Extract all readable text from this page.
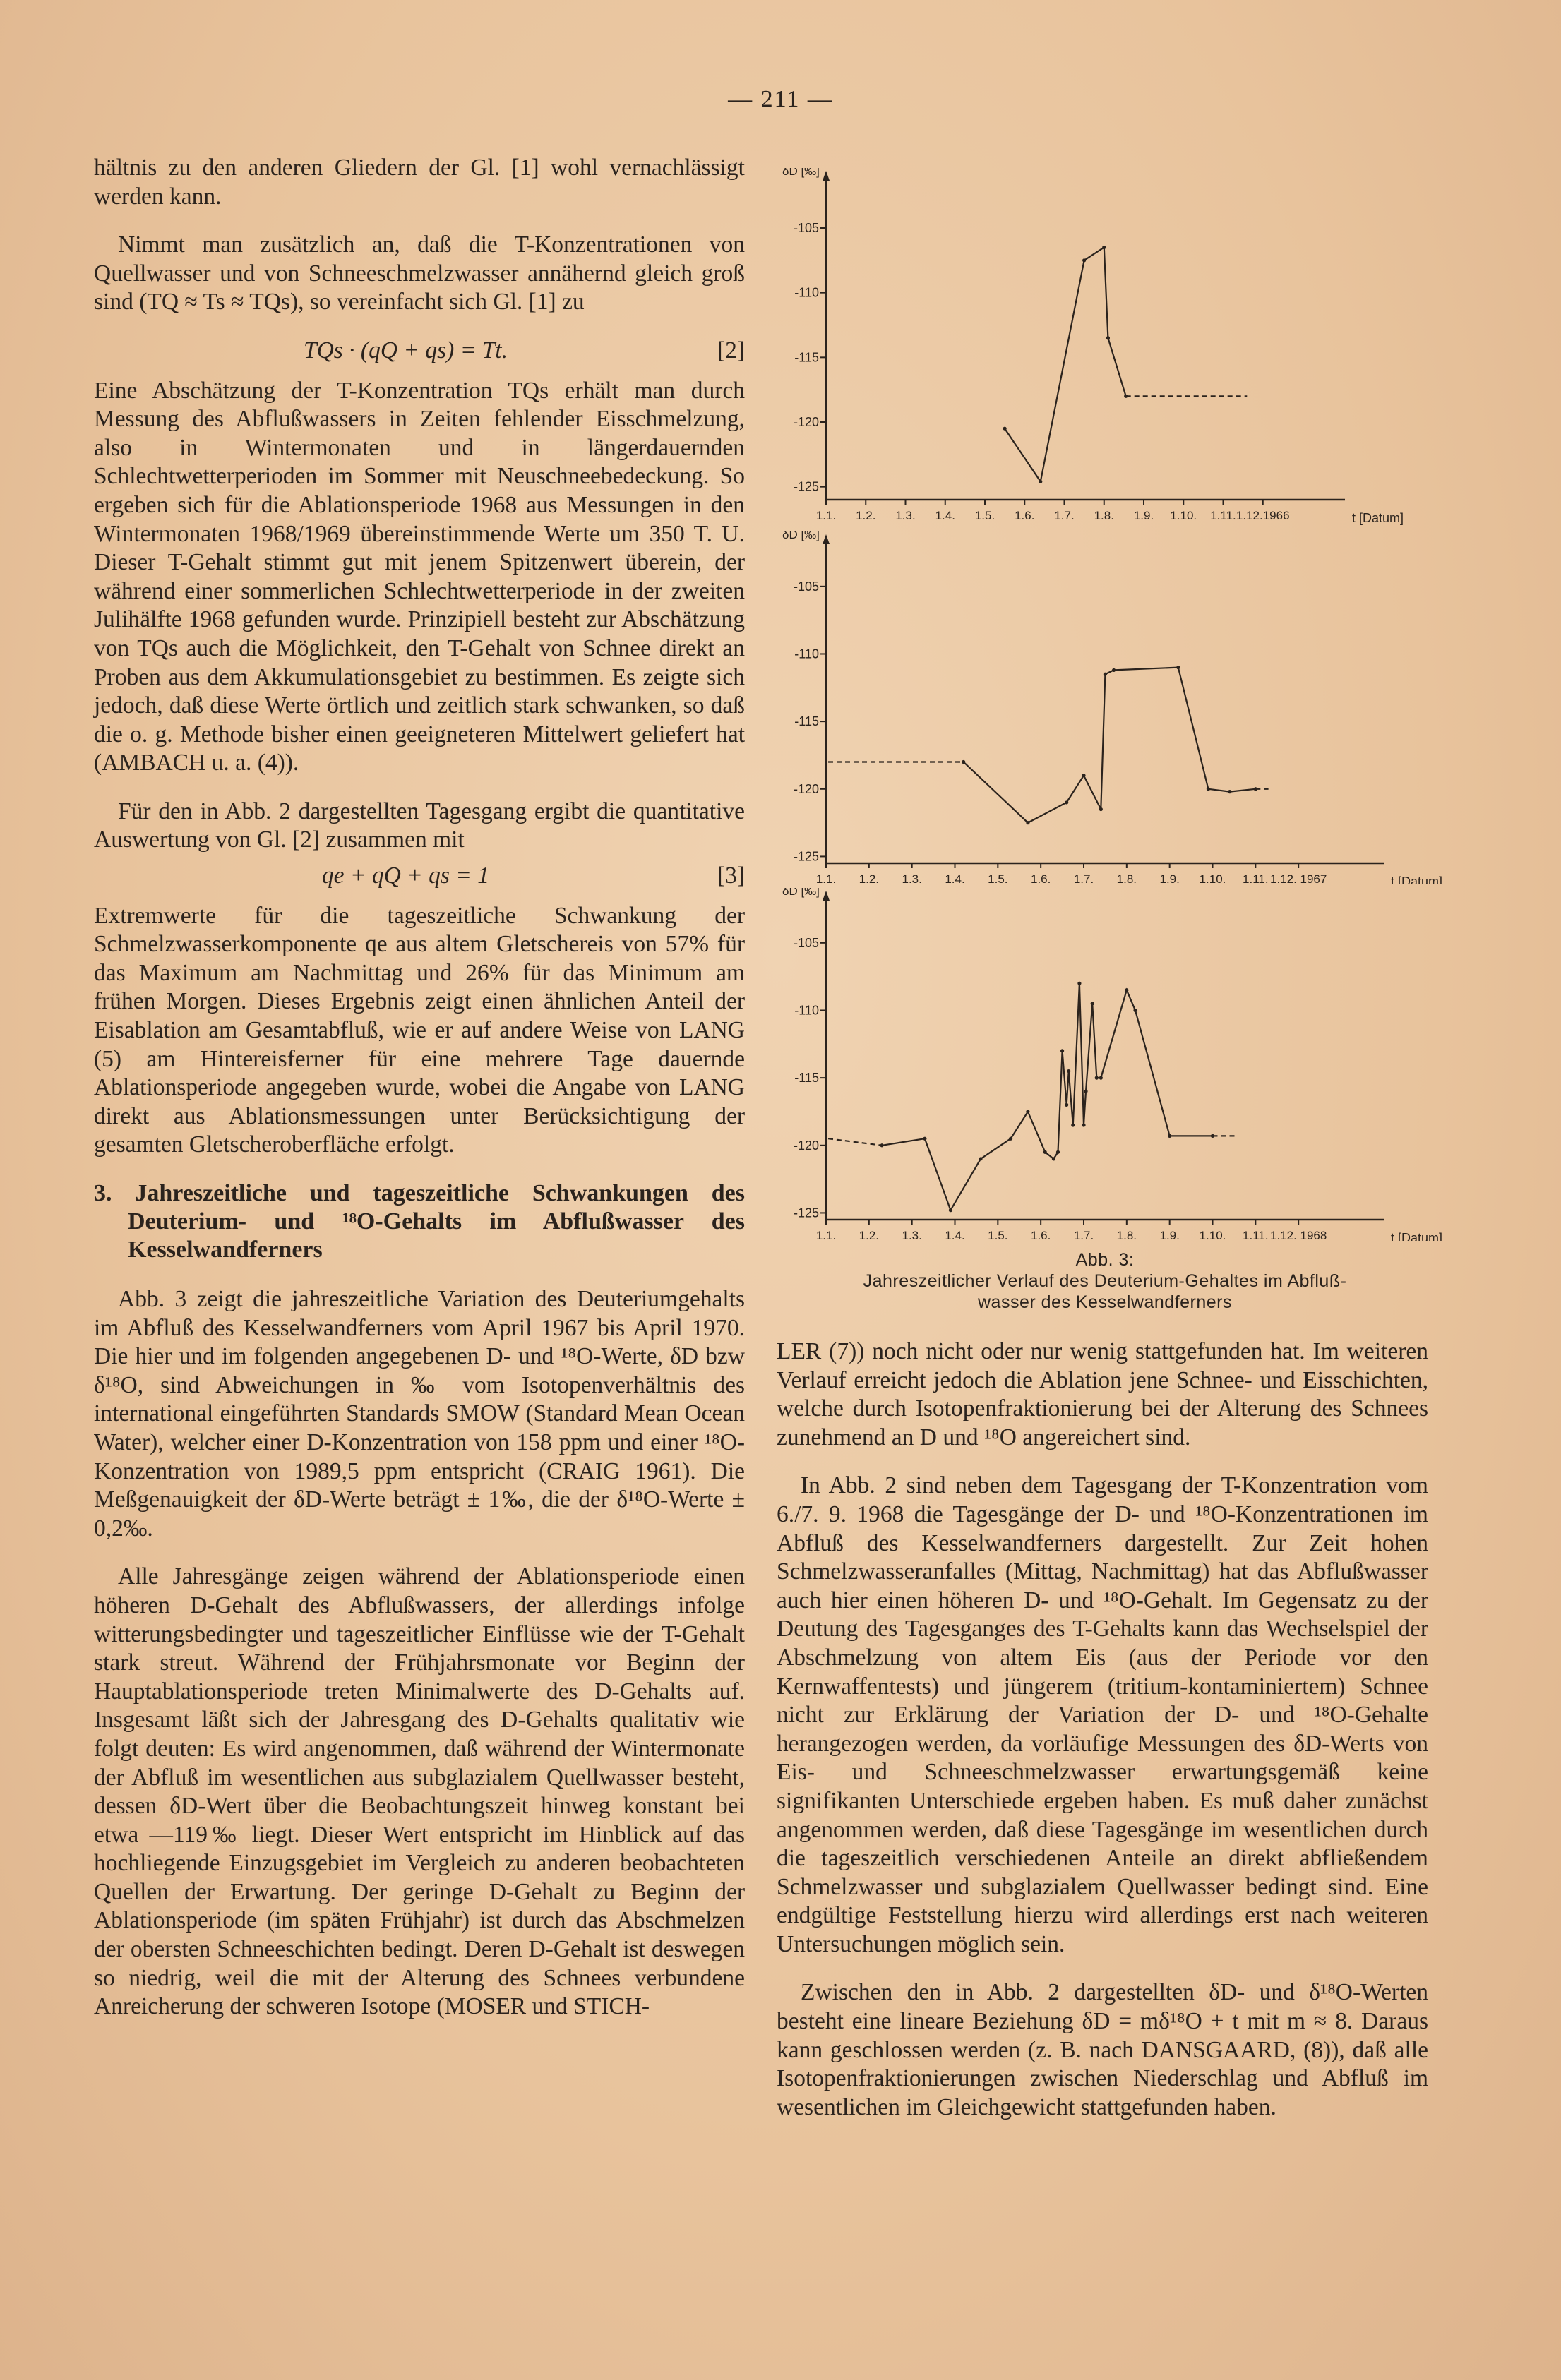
— 211 —

hältnis zu den anderen Gliedern der Gl. [1] wohl vernachlässigt werden kann.

Nimmt man zusätzlich an, daß die T-Konzentrationen von Quellwasser und von Schneeschmelzwasser annähernd gleich groß sind (TQ ≈ Ts ≈ TQs), so vereinfacht sich Gl. [1] zu

TQs · (qQ + qs) = Tt.	[2]

Eine Abschätzung der T-Konzentration TQs erhält man durch Messung des Abflußwassers in Zeiten fehlender Eisschmelzung, also in Wintermonaten und in längerdauernden Schlechtwetterperioden im Sommer mit Neuschneebedeckung. So ergeben sich für die Ablationsperiode 1968 aus Messungen in den Wintermonaten 1968/1969 übereinstimmende Werte um 350 T. U. Dieser T-Gehalt stimmt gut mit jenem Spitzenwert überein, der während einer sommerlichen Schlechtwetterperiode in der zweiten Julihälfte 1968 gefunden wurde. Prinzipiell besteht zur Abschätzung von TQs auch die Möglichkeit, den T-Gehalt von Schnee direkt an Proben aus dem Akkumulationsgebiet zu bestimmen. Es zeigte sich jedoch, daß diese Werte örtlich und zeitlich stark schwanken, so daß die o. g. Methode bisher einen geeigneteren Mittelwert geliefert hat (AMBACH u. a. (4)).

Für den in Abb. 2 dargestellten Tagesgang ergibt die quantitative Auswertung von Gl. [2] zusammen mit

qe + qQ + qs = 1	[3]

Extremwerte für die tageszeitliche Schwankung der Schmelzwasserkomponente qe aus altem Gletschereis von 57% für das Maximum am Nachmittag und 26% für das Minimum am frühen Morgen. Dieses Ergebnis zeigt einen ähnlichen Anteil der Eisablation am Gesamtabfluß, wie er auf andere Weise von LANG (5) am Hintereisferner für eine mehrere Tage dauernde Ablationsperiode angegeben wurde, wobei die Angabe von LANG direkt aus Ablationsmessungen unter Berücksichtigung der gesamten Gletscheroberfläche erfolgt.

3. Jahreszeitliche und tageszeitliche Schwankungen des Deuterium- und ¹⁸O-Gehalts im Abflußwasser des Kesselwandferners

Abb. 3 zeigt die jahreszeitliche Variation des Deuteriumgehalts im Abfluß des Kesselwandferners vom April 1967 bis April 1970. Die hier und im folgenden angegebenen D- und ¹⁸O-Werte, δD bzw δ¹⁸O, sind Abweichungen in ‰ vom Isotopenverhältnis des international eingeführten Standards SMOW (Standard Mean Ocean Water), welcher einer D-Konzentration von 158 ppm und einer ¹⁸O-Konzentration von 1989,5 ppm entspricht (CRAIG 1961). Die Meßgenauigkeit der δD-Werte beträgt ± 1‰, die der δ¹⁸O-Werte ± 0,2‰.

Alle Jahresgänge zeigen während der Ablationsperiode einen höheren D-Gehalt des Abflußwassers, der allerdings infolge witterungsbedingter und tageszeitlicher Einflüsse wie der T-Gehalt stark streut. Während der Frühjahrsmonate vor Beginn der Hauptablationsperiode treten Minimalwerte des D-Gehalts auf. Insgesamt läßt sich der Jahresgang des D-Gehalts qualitativ wie folgt deuten: Es wird angenommen, daß während der Wintermonate der Abfluß im wesentlichen aus subglazialem Quellwasser besteht, dessen δD-Wert über die Beobachtungszeit hinweg konstant bei etwa —119‰ liegt. Dieser Wert entspricht im Hinblick auf das hochliegende Einzugsgebiet im Vergleich zu anderen beobachteten Quellen der Erwartung. Der geringe D-Gehalt zu Beginn der Ablationsperiode (im späten Frühjahr) ist durch das Abschmelzen der obersten Schneeschichten bedingt. Deren D-Gehalt ist deswegen so niedrig, weil die mit der Alterung des Schnees verbundene Anreicherung der schweren Isotope (MOSER und STICH-

δD [‰]
-105
-110
-115
-120
-125
1.1. 1.2. 1.3. 1.4. 1.5. 1.6. 1.7. 1.8. 1.9. 1.10. 1.11. 1.12.1966	t [Datum]

δD [‰]
-105
-110
-115
-120
-125
1.1. 1.2. 1.3. 1.4. 1.5. 1.6. 1.7. 1.8. 1.9. 1.10. 1.11. 1.12. 1967	t [Datum]

δD [‰]
-105
-110
-115
-120
-125
1.1. 1.2. 1.3. 1.4. 1.5. 1.6. 1.7. 1.8. 1.9. 1.10. 1.11. 1.12. 1968	t [Datum]
Abb. 3:
Jahreszeitlicher Verlauf des Deuterium-Gehaltes im Abfluß-
wasser des Kesselwandferners

LER (7)) noch nicht oder nur wenig stattgefunden hat. Im weiteren Verlauf erreicht jedoch die Ablation jene Schnee- und Eisschichten, welche durch Isotopenfraktionierung bei der Alterung des Schnees zunehmend an D und ¹⁸O angereichert sind.

In Abb. 2 sind neben dem Tagesgang der T-Konzentration vom 6./7. 9. 1968 die Tagesgänge der D- und ¹⁸O-Konzentrationen im Abfluß des Kesselwandferners dargestellt. Zur Zeit hohen Schmelzwasseranfalles (Mittag, Nachmittag) hat das Abflußwasser auch hier einen höheren D- und ¹⁸O-Gehalt. Im Gegensatz zu der Deutung des Tagesganges des T-Gehalts kann das Wechselspiel der Abschmelzung von altem Eis (aus der Periode vor den Kernwaffentests) und jüngerem (tritium-kontaminiertem) Schnee nicht zur Erklärung der Variation der D- und ¹⁸O-Gehalte herangezogen werden, da vorläufige Messungen des δD-Werts von Eis- und Schneeschmelzwasser erwartungsgemäß keine signifikanten Unterschiede ergeben haben. Es muß daher zunächst angenommen werden, daß diese Tagesgänge im wesentlichen durch die tageszeitlich verschiedenen Anteile an direkt abfließendem Schmelzwasser und subglazialem Quellwasser bedingt sind. Eine endgültige Feststellung hierzu wird allerdings erst nach weiteren Untersuchungen möglich sein.

Zwischen den in Abb. 2 dargestellten δD- und δ¹⁸O-Werten besteht eine lineare Beziehung δD = mδ¹⁸O + t mit m ≈ 8. Daraus kann geschlossen werden (z. B. nach DANSGAARD, (8)), daß alle Isotopenfraktionierungen zwischen Niederschlag und Abfluß im wesentlichen im Gleichgewicht stattgefunden haben.
